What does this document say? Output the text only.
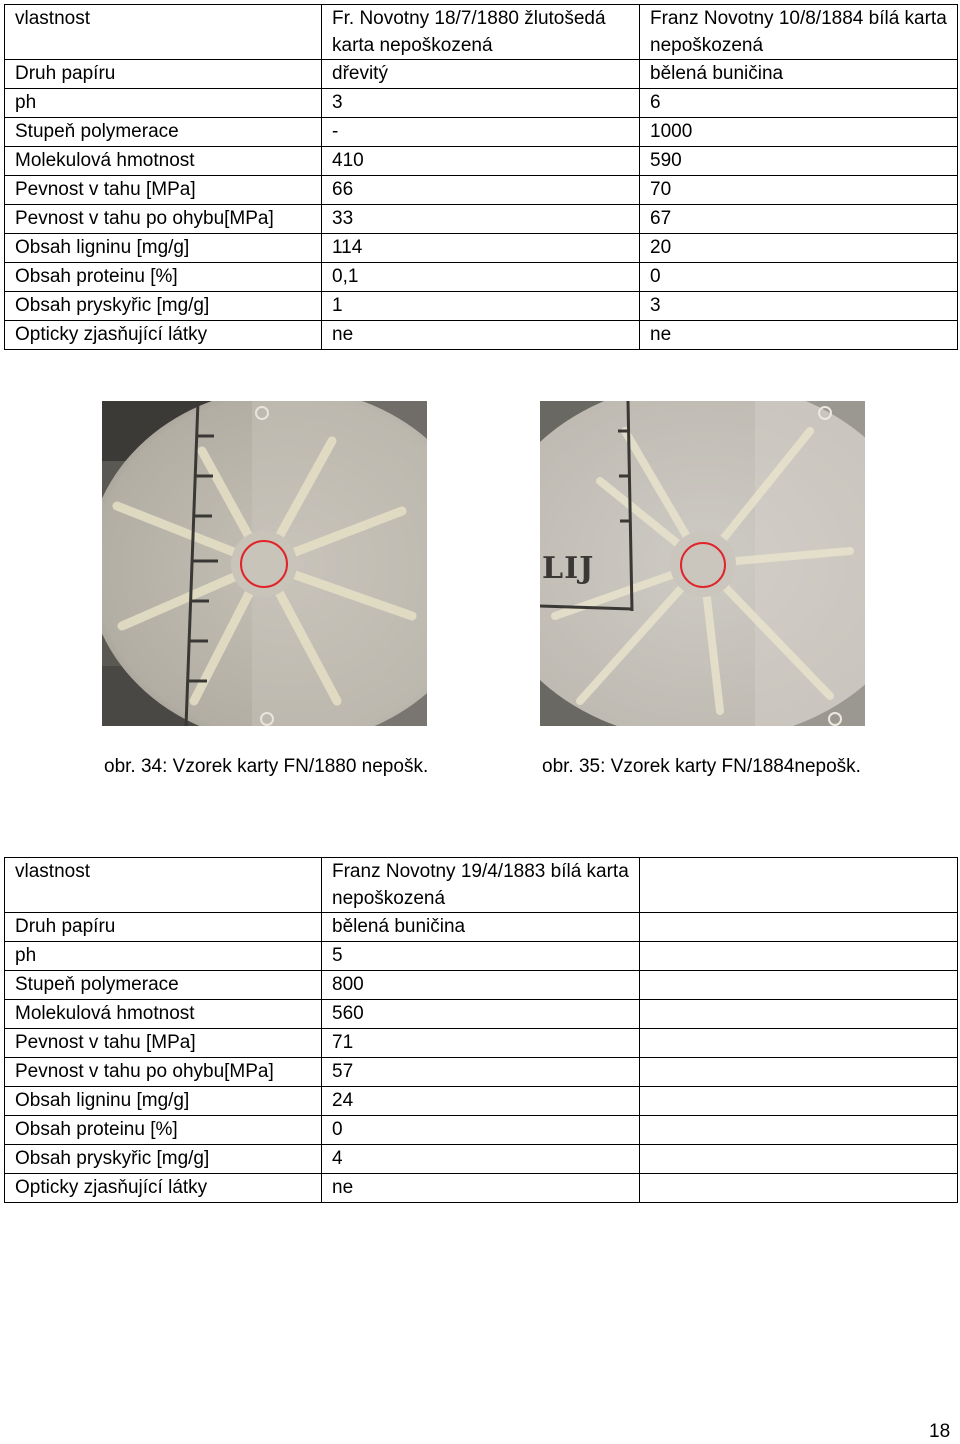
vlastnost	Fr. Novotny 18/7/1880 žlutošedá karta nepoškozená	Franz Novotny 10/8/1884 bílá karta nepoškozená
Druh papíru	dřevitý	bělená buničina
ph	3	6
Stupeň polymerace	-	1000
Molekulová hmotnost	410	590
Pevnost v tahu [MPa]	66	70
Pevnost v tahu po ohybu[MPa]	33	67
Obsah ligninu [mg/g]	114	20
Obsah proteinu [%]	0,1	0
Obsah pryskyřic [mg/g]	1	3
Opticky zjasňující látky	ne	ne
LIJ
obr. 34: Vzorek karty FN/1880 nepošk.	obr. 35: Vzorek karty FN/1884nepošk.
vlastnost	Franz Novotny 19/4/1883 bílá karta nepoškozená	
Druh papíru	bělená buničina	
ph	5	
Stupeň polymerace	800	
Molekulová hmotnost	560	
Pevnost v tahu [MPa]	71	
Pevnost v tahu po ohybu[MPa]	57	
Obsah ligninu [mg/g]	24	
Obsah proteinu [%]	0	
Obsah pryskyřic [mg/g]	4	
Opticky zjasňující látky	ne	
18
